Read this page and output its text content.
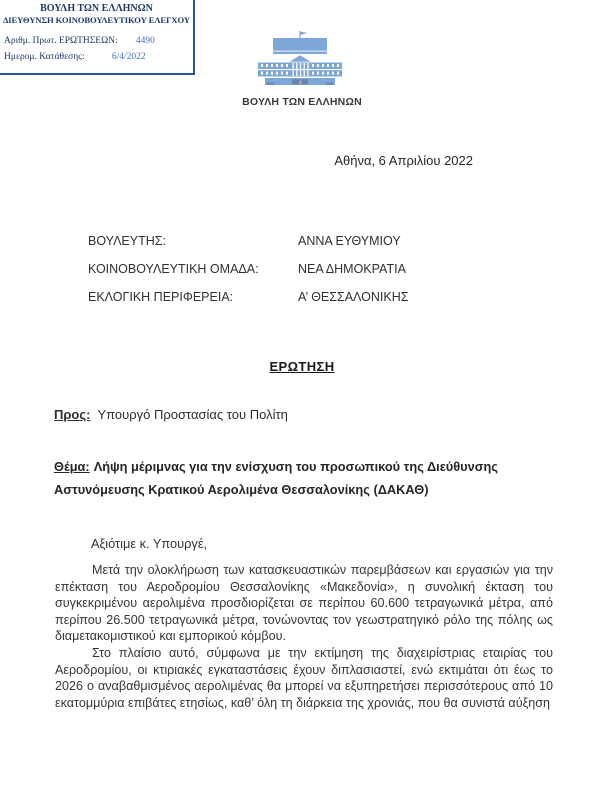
ΒΟΥΛΗ ΤΩΝ ΕΛΛΗΝΩΝ
ΔΙΕΥΘΥΝΣΗ ΚΟΙΝΟΒΟΥΛΕΥΤΙΚΟΥ ΕΛΕΓΧΟΥ
Αριθμ. Πρωτ. ΕΡΩΤΗΣΕΩΝ:	4490
Ημερομ. Κατάθεσης:	6/4/2022
ΒΟΥΛΗ ΤΩΝ ΕΛΛΗΝΩΝ
Αθήνα, 6 Απριλίου 2022
ΒΟΥΛΕΥΤΗΣ:	ΑΝΝΑ ΕΥΘΥΜΙΟΥ
ΚΟΙΝΟΒΟΥΛΕΥΤΙΚΗ ΟΜΑΔΑ:	ΝΕΑ ΔΗΜΟΚΡΑΤΙΑ
ΕΚΛΟΓΙΚΗ ΠΕΡΙΦΕΡΕΙΑ:	Α’ ΘΕΣΣΑΛΟΝΙΚΗΣ
ΕΡΩΤΗΣΗ
Προς: Υπουργό Προστασίας του Πολίτη
Θέμα: Λήψη μέριμνας για την ενίσχυση του προσωπικού της Διεύθυνσης Αστυνόμευσης Κρατικού Αερολιμένα Θεσσαλονίκης (ΔΑΚΑΘ)
Αξιότιμε κ. Υπουργέ,

Μετά την ολοκλήρωση των κατασκευαστικών παρεμβάσεων και εργασιών για την επέκταση του Αεροδρομίου Θεσσαλονίκης «Μακεδονία», η συνολική έκταση του συγκεκριμένου αερολιμένα προσδιορίζεται σε περίπου 60.600 τετραγωνικά μέτρα, από περίπου 26.500 τετραγωνικά μέτρα, τονώνοντας τον γεωστρατηγικό ρόλο της πόλης ως διαμετακομιστικού και εμπορικού κόμβου.

Στο πλαίσιο αυτό, σύμφωνα με την εκτίμηση της διαχειρίστριας εταιρίας του Αεροδρομίου, οι κτιριακές εγκαταστάσεις έχουν διπλασιαστεί, ενώ εκτιμάται ότι έως το 2026 ο αναβαθμισμένος αερολιμένας θα μπορεί να εξυπηρετήσει περισσότερους από 10 εκατομμύρια επιβάτες ετησίως, καθ’ όλη τη διάρκεια της χρονιάς, που θα συνιστά αύξηση
